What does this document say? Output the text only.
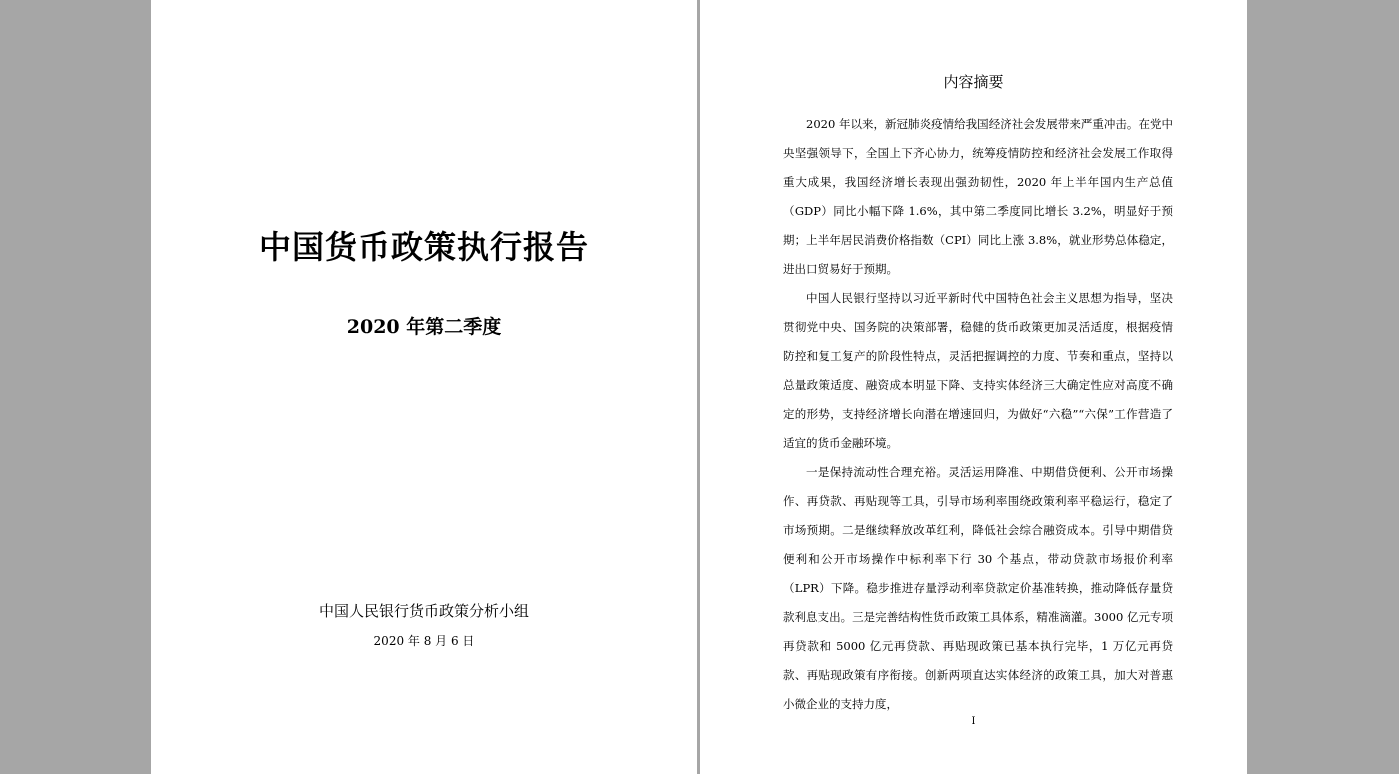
中国货币政策执行报告
2020 年第二季度
中国人民银行货币政策分析小组
2020 年 8 月 6 日
内容摘要

2020 年以来，新冠肺炎疫情给我国经济社会发展带来严重冲击。在党中央坚强领导下，全国上下齐心协力，统筹疫情防控和经济社会发展工作取得重大成果，我国经济增长表现出强劲韧性，2020 年上半年国内生产总值（GDP）同比小幅下降 1.6%，其中第二季度同比增长 3.2%，明显好于预期；上半年居民消费价格指数（CPI）同比上涨 3.8%，就业形势总体稳定，进出口贸易好于预期。

中国人民银行坚持以习近平新时代中国特色社会主义思想为指导，坚决贯彻党中央、国务院的决策部署，稳健的货币政策更加灵活适度，根据疫情防控和复工复产的阶段性特点，灵活把握调控的力度、节奏和重点，坚持以总量政策适度、融资成本明显下降、支持实体经济三大确定性应对高度不确定的形势，支持经济增长向潜在增速回归，为做好“六稳”“六保”工作营造了适宜的货币金融环境。

一是保持流动性合理充裕。灵活运用降准、中期借贷便利、公开市场操作、再贷款、再贴现等工具，引导市场利率围绕政策利率平稳运行，稳定了市场预期。二是继续释放改革红利，降低社会综合融资成本。引导中期借贷便利和公开市场操作中标利率下行 30 个基点，带动贷款市场报价利率（LPR）下降。稳步推进存量浮动利率贷款定价基准转换，推动降低存量贷款利息支出。三是完善结构性货币政策工具体系，精准滴灌。3000 亿元专项再贷款和 5000 亿元再贷款、再贴现政策已基本执行完毕，1 万亿元再贷款、再贴现政策有序衔接。创新两项直达实体经济的政策工具，加大对普惠小微企业的支持力度，

I
